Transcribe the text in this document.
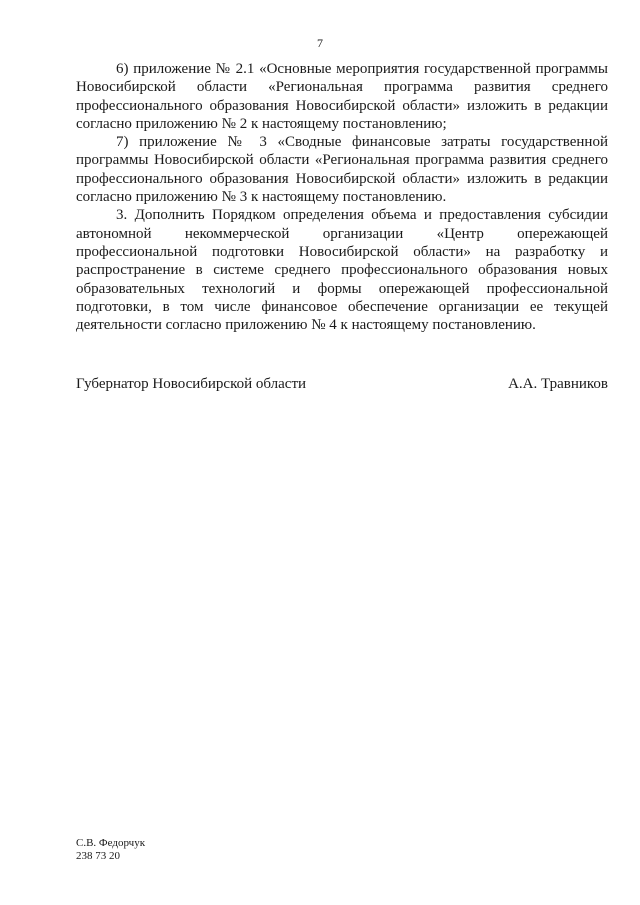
7

6) приложение № 2.1 «Основные мероприятия государственной программы Новосибирской области «Региональная программа развития среднего профессионального образования Новосибирской области» изложить в редакции согласно приложению № 2 к настоящему постановлению;

7) приложение № 3 «Сводные финансовые затраты государственной программы Новосибирской области «Региональная программа развития среднего профессионального образования Новосибирской области» изложить в редакции согласно приложению № 3 к настоящему постановлению.

3. Дополнить Порядком определения объема и предоставления субсидии автономной некоммерческой организации «Центр опережающей профессиональной подготовки Новосибирской области» на разработку и распространение в системе среднего профессионального образования новых образовательных технологий и формы опережающей профессиональной подготовки, в том числе финансовое обеспечение организации ее текущей деятельности согласно приложению № 4 к настоящему постановлению.

Губернатор Новосибирской области	А.А. Травников
С.В. Федорчук
238 73 20
